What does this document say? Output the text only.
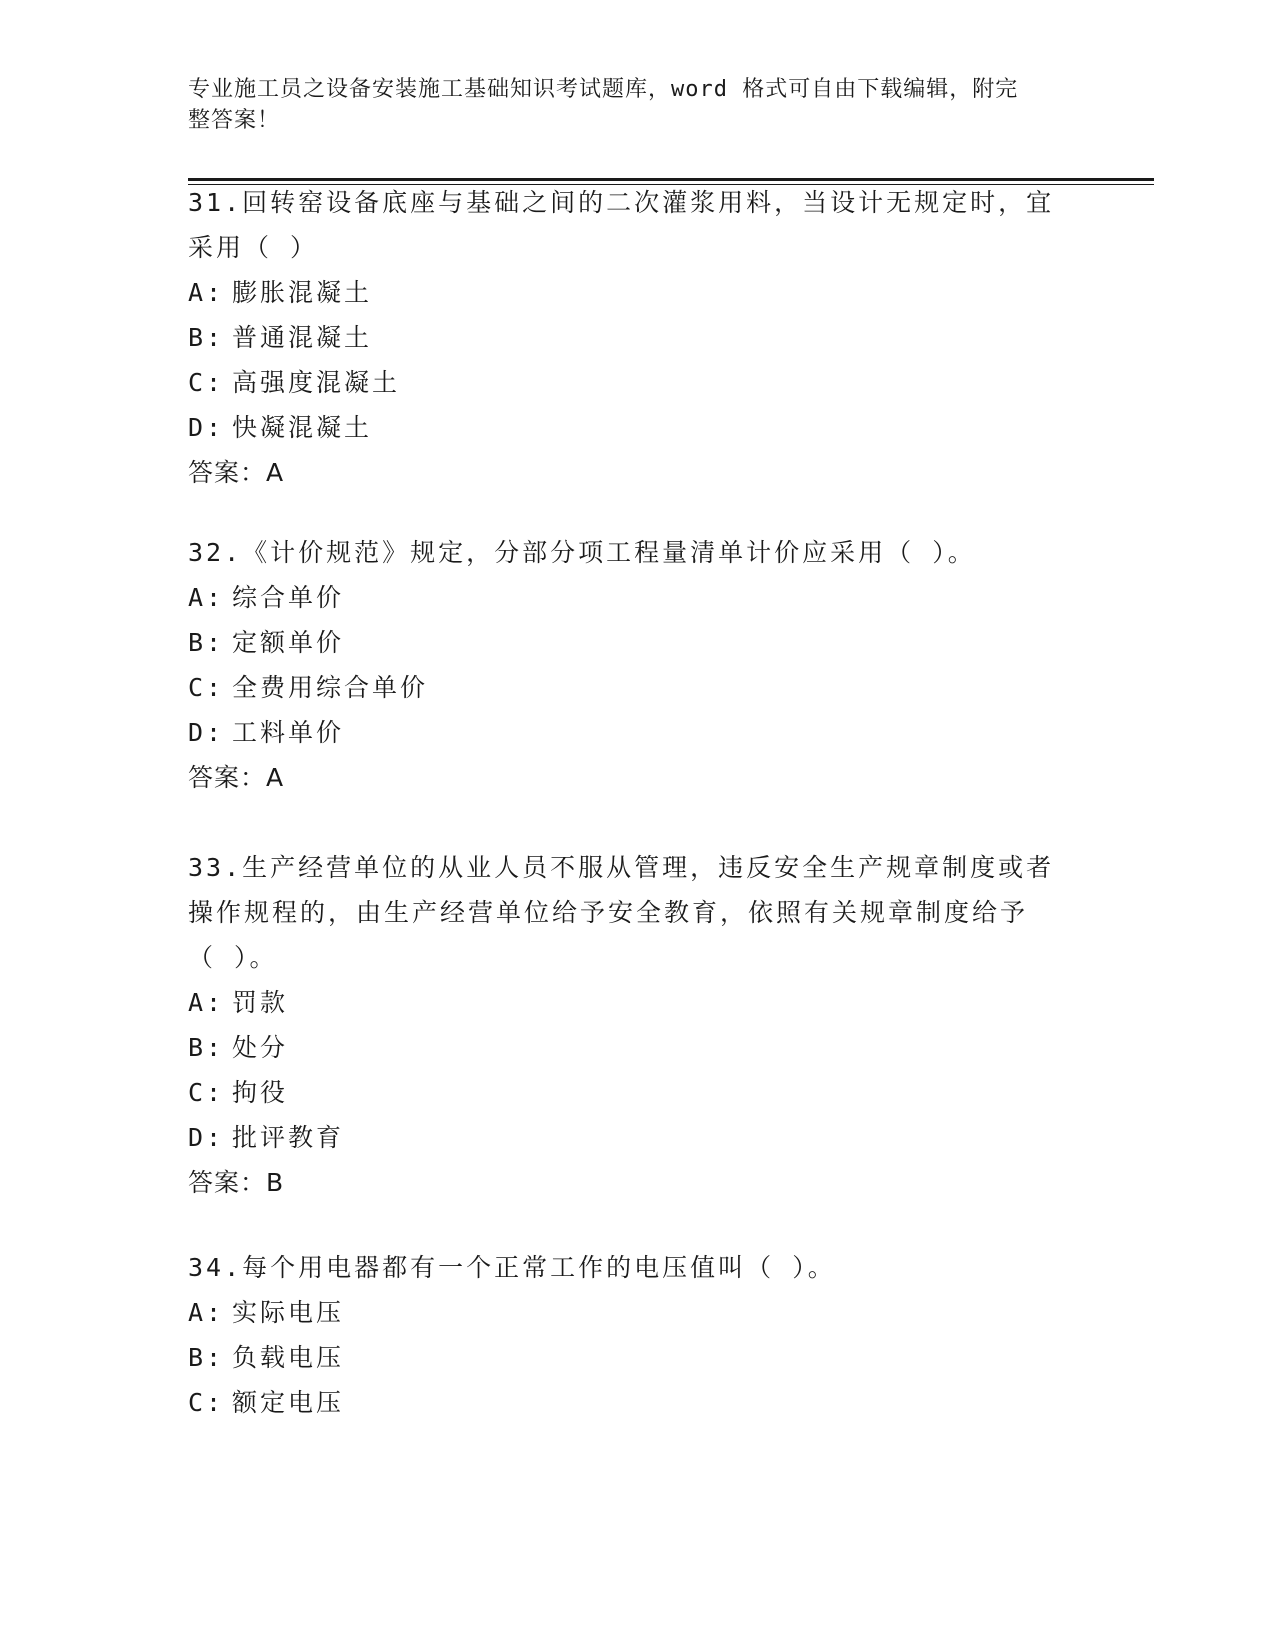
专业施工员之设备安装施工基础知识考试题库，word 格式可自由下载编辑，附完
整答案！
31.回转窑设备底座与基础之间的二次灌浆用料，当设计无规定时，宜
采用（ ）
A: 膨胀混凝土
B: 普通混凝土
C: 高强度混凝土
D: 快凝混凝土
答案：A
32.《计价规范》规定，分部分项工程量清单计价应采用（ ）。
A: 综合单价
B: 定额单价
C: 全费用综合单价
D: 工料单价
答案：A
33.生产经营单位的从业人员不服从管理，违反安全生产规章制度或者
操作规程的，由生产经营单位给予安全教育，依照有关规章制度给予
（ ）。
A: 罚款
B: 处分
C: 拘役
D: 批评教育
答案：B
34.每个用电器都有一个正常工作的电压值叫（ ）。
A: 实际电压
B: 负载电压
C: 额定电压
